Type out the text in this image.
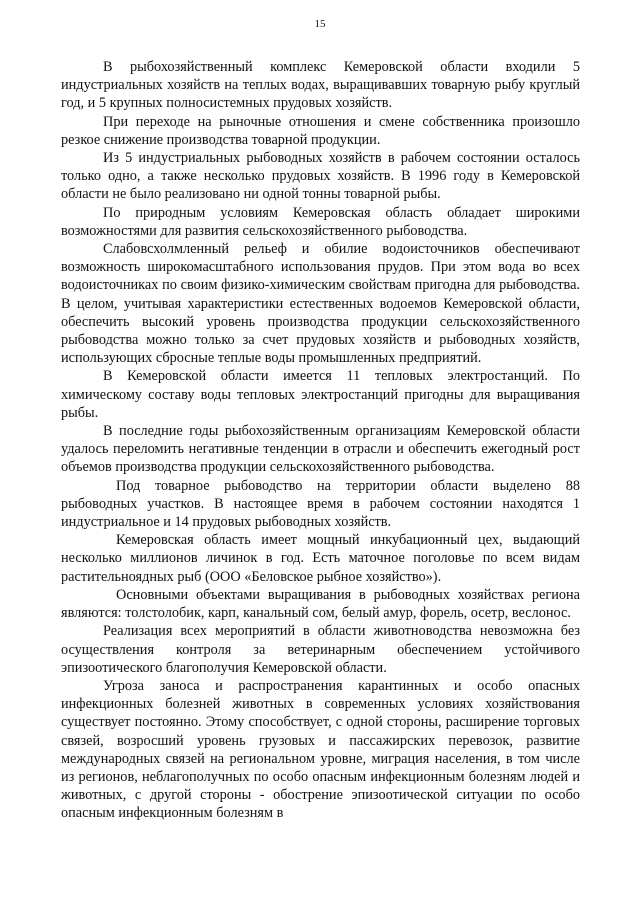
15

В рыбохозяйственный комплекс Кемеровской области входили 5 индустриальных хозяйств на теплых водах, выращивавших товарную рыбу круглый год, и 5 крупных полносистемных прудовых хозяйств.

При переходе на рыночные отношения и смене собственника произошло резкое снижение производства товарной продукции.

Из 5 индустриальных рыбоводных хозяйств в рабочем состоянии осталось только одно, а также несколько прудовых хозяйств. В 1996 году в Кемеровской области не было реализовано ни одной тонны товарной рыбы.

По природным условиям Кемеровская область обладает широкими возможностями для развития сельскохозяйственного рыбоводства.

Слабовсхолмленный рельеф и обилие водоисточников обеспечивают возможность широкомасштабного использования прудов. При этом вода во всех водоисточниках по своим физико-химическим свойствам пригодна для рыбоводства. В целом, учитывая характеристики естественных водоемов Кемеровской области, обеспечить высокий уровень производства продукции сельскохозяйственного рыбоводства можно только за счет прудовых хозяйств и рыбоводных хозяйств, использующих сбросные теплые воды промышленных предприятий.

В Кемеровской области имеется 11 тепловых электростанций. По химическому составу воды тепловых электростанций пригодны для выращивания рыбы.

В последние годы рыбохозяйственным организациям Кемеровской области удалось переломить негативные тенденции в отрасли и обеспечить ежегодный рост объемов производства продукции сельскохозяйственного рыбоводства.

Под товарное рыбоводство на территории области выделено 88 рыбоводных участков. В настоящее время в рабочем состоянии находятся 1 индустриальное и 14 прудовых рыбоводных хозяйств.

Кемеровская область имеет мощный инкубационный цех, выдающий несколько миллионов личинок в год. Есть маточное поголовье по всем видам растительноядных рыб (ООО «Беловское рыбное хозяйство»).

Основными объектами выращивания в рыбоводных хозяйствах региона являются: толстолобик, карп, канальный сом, белый амур, форель, осетр, веслонос.

Реализация всех мероприятий в области животноводства невозможна без осуществления контроля за ветеринарным обеспечением устойчивого эпизоотического благополучия Кемеровской области.

Угроза заноса и распространения карантинных и особо опасных инфекционных болезней животных в современных условиях хозяйствования существует постоянно. Этому способствует, с одной стороны, расширение торговых связей, возросший уровень грузовых и пассажирских перевозок, развитие международных связей на региональном уровне, миграция населения, в том числе из регионов, неблагополучных по особо опасным инфекционным болезням людей и животных, с другой стороны - обострение эпизоотической ситуации по особо опасным инфекционным болезням в
